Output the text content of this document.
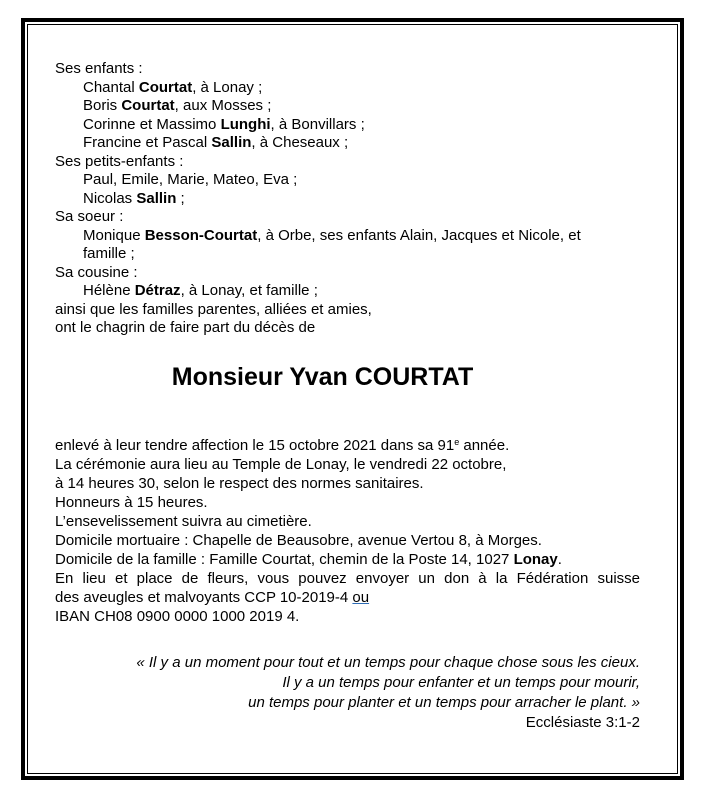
Ses enfants :
Chantal Courtat, à Lonay ;
Boris Courtat, aux Mosses ;
Corinne et Massimo Lunghi, à Bonvillars ;
Francine et Pascal Sallin, à Cheseaux ;
Ses petits-enfants :
Paul, Emile, Marie, Mateo, Eva ;
Nicolas Sallin ;
Sa soeur :
Monique Besson-Courtat, à Orbe, ses enfants Alain, Jacques et Nicole, et
famille ;
Sa cousine :
Hélène Détraz, à Lonay, et famille ;
ainsi que les familles parentes, alliées et amies,
ont le chagrin de faire part du décès de
Monsieur Yvan COURTAT
enlevé à leur tendre affection le 15 octobre 2021 dans sa 91e année.
La cérémonie aura lieu au Temple de Lonay, le vendredi 22 octobre,
à 14 heures 30, selon le respect des normes sanitaires.
Honneurs à 15 heures.
L’ensevelissement suivra au cimetière.
Domicile mortuaire : Chapelle de Beausobre, avenue Vertou 8, à Morges.
Domicile de la famille : Famille Courtat, chemin de la Poste 14, 1027 Lonay.
En lieu et place de fleurs, vous pouvez envoyer un don à la Fédération suisse
des aveugles et malvoyants CCP 10-2019-4 ou
IBAN CH08 0900 0000 1000 2019 4.
« Il y a un moment pour tout et un temps pour chaque chose sous les cieux.
Il y a un temps pour enfanter et un temps pour mourir,
un temps pour planter et un temps pour arracher le plant. »
Ecclésiaste 3:1-2
